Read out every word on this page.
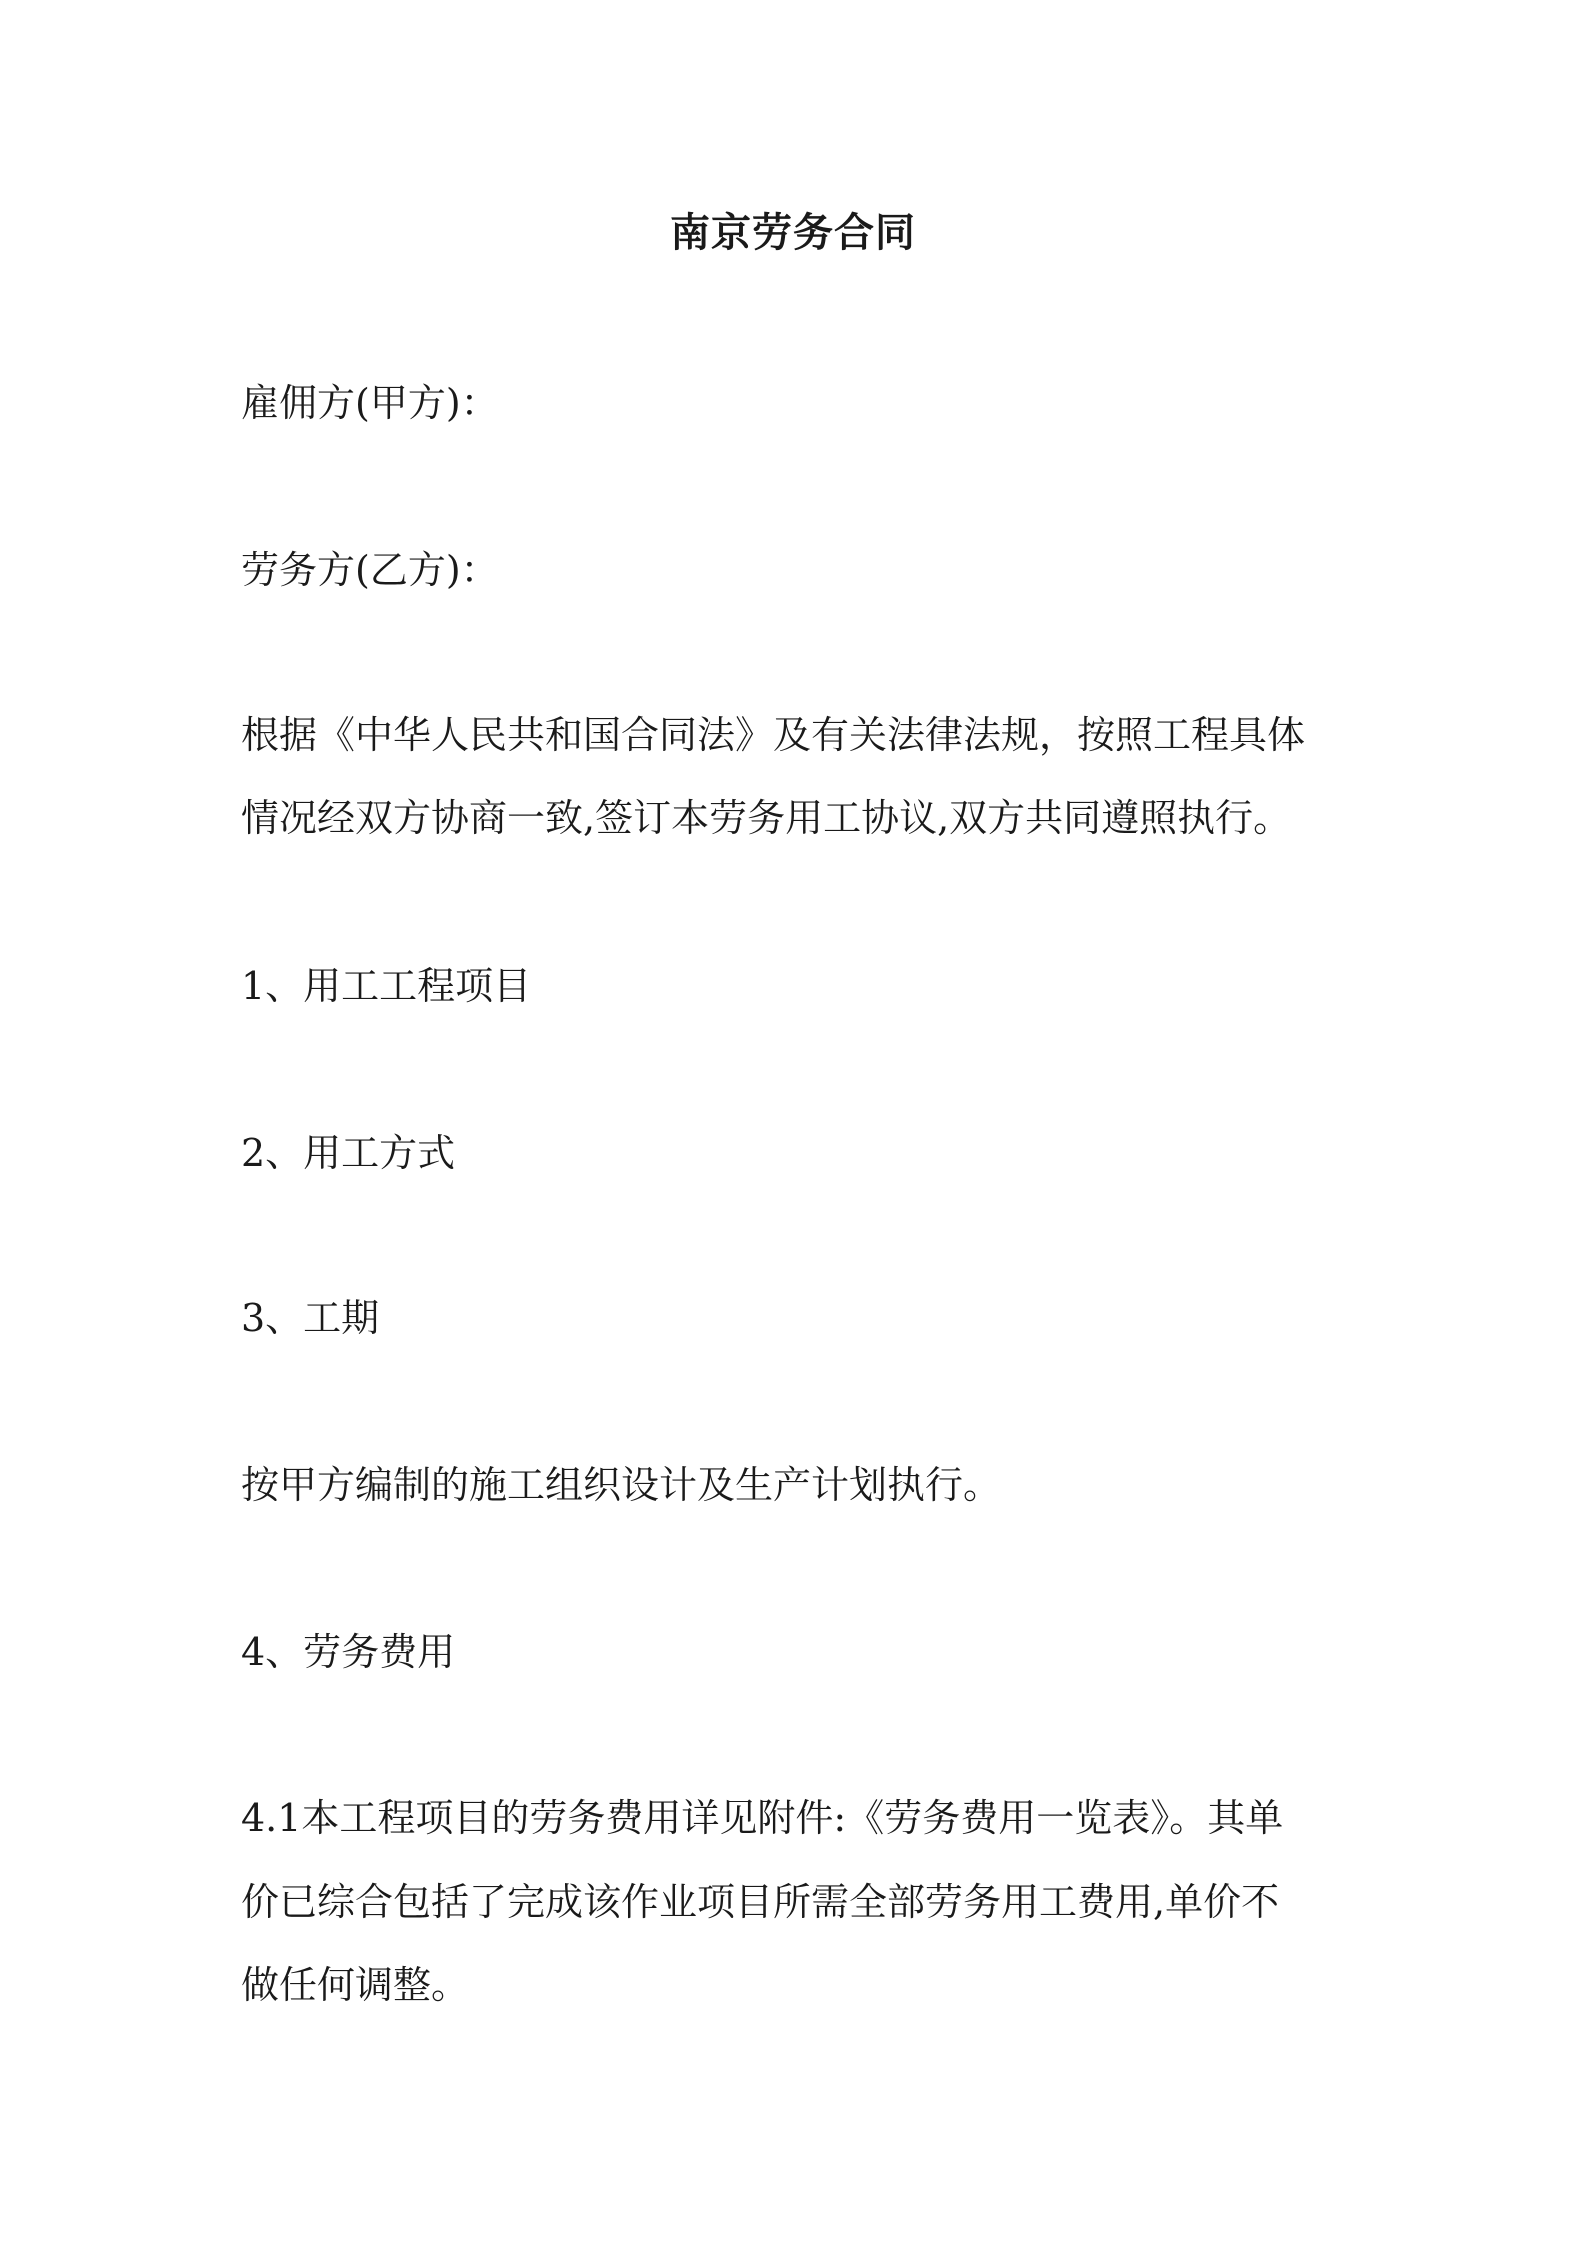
南京劳务合同
雇佣方(甲方)：
劳务方(乙方)：
根据《中华人民共和国合同法》及有关法律法规，按照工程具体
情况经双方协商一致,签订本劳务用工协议,双方共同遵照执行。
1、用工工程项目
2、用工方式
3、工期
按甲方编制的施工组织设计及生产计划执行。
4、劳务费用
4.1本工程项目的劳务费用详见附件:《劳务费用一览表》。其单
价已综合包括了完成该作业项目所需全部劳务用工费用,单价不
做任何调整。
